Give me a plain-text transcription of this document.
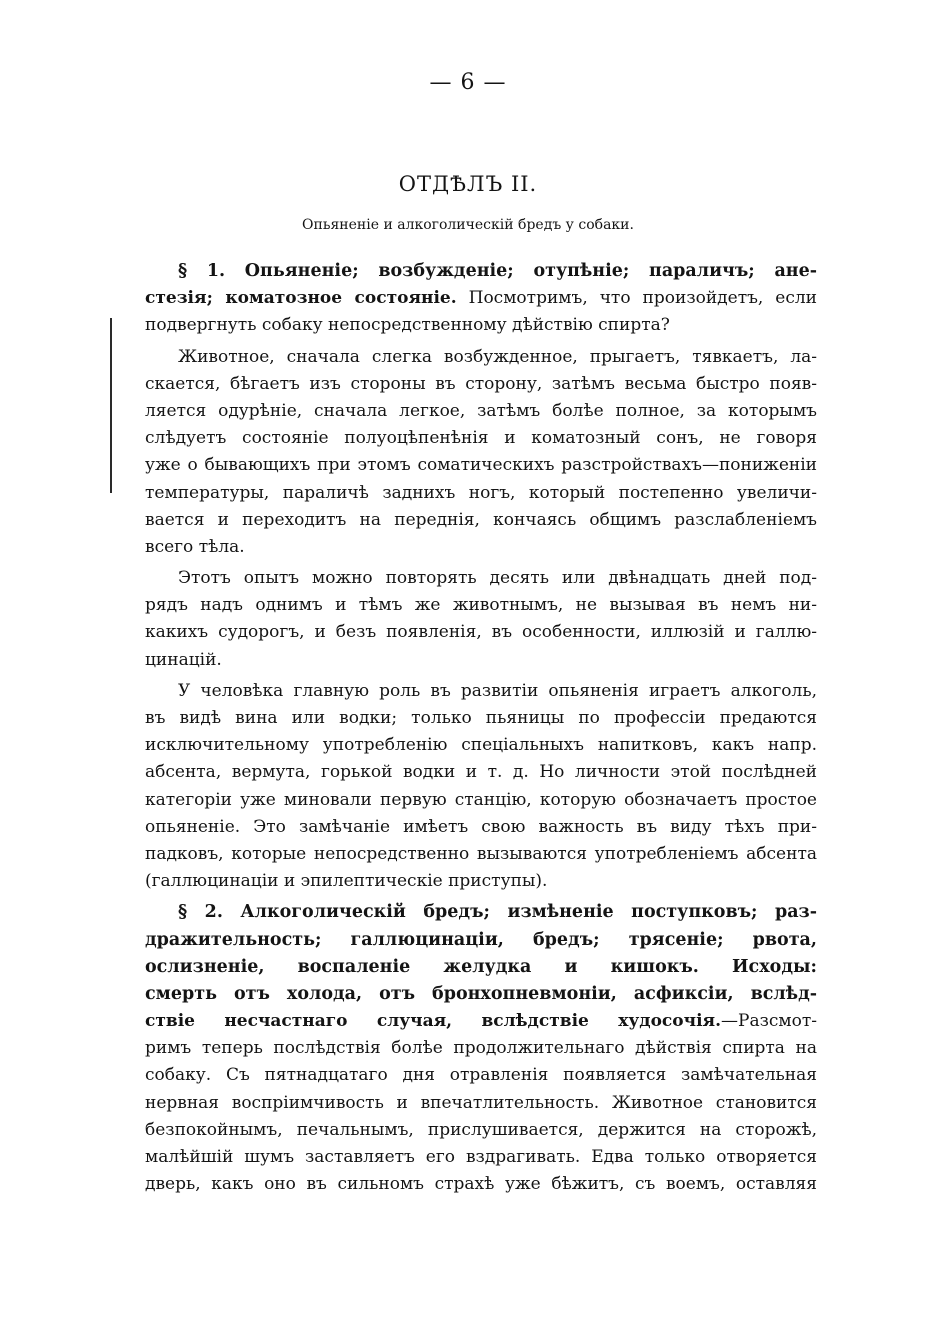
— 6 —
ОТДѢЛЪ II.
Опьяненіе и алкоголическій бредъ у собаки.
§ 1. Опьяненіе; возбужденіе; отупѣніе; параличъ; ане-
стезія; коматозное состояніе. Посмотримъ, что произойдетъ, если
подвергнуть собаку непосредственному дѣйствію спирта?
Животное, сначала слегка возбужденное, прыгаетъ, тявкаетъ, ла-
скается, бѣгаетъ изъ стороны въ сторону, затѣмъ весьма быстро появ-
ляется одурѣніе, сначала легкое, затѣмъ болѣе полное, за которымъ
слѣдуетъ состояніе полуоцѣпенѣнія и коматозный сонъ, не говоря
уже о бывающихъ при этомъ соматическихъ разстройствахъ—пониженіи
температуры, параличѣ заднихъ ногъ, который постепенно увеличи-
вается и переходитъ на переднія, кончаясь общимъ разслабленіемъ
всего тѣла.
Этотъ опытъ можно повторять десять или двѣнадцать дней под-
рядъ надъ однимъ и тѣмъ же животнымъ, не вызывая въ немъ ни-
какихъ судорогъ, и безъ появленія, въ особенности, иллюзій и галлю-
цинацій.
У человѣка главную роль въ развитіи опьяненія играетъ алкоголь,
въ видѣ вина или водки; только пьяницы по профессіи предаются
исключительному употребленію спеціальныхъ напитковъ, какъ напр.
абсента, вермута, горькой водки и т. д. Но личности этой послѣдней
категоріи уже миновали первую станцію, которую обозначаетъ простое
опьяненіе. Это замѣчаніе имѣетъ свою важность въ виду тѣхъ при-
падковъ, которые непосредственно вызываются употребленіемъ абсента
(галлюцинаціи и эпилептическіе приступы).
§ 2. Алкоголическій бредъ; измѣненіе поступковъ; раз-
дражительность; галлюцинаціи, бредъ; трясеніе; рвота,
ослизненіе, воспаленіе желудка и кишокъ. Исходы:
смерть отъ холода, отъ бронхопневмоніи, асфиксіи, вслѣд-
ствіе несчастнаго случая, вслѣдствіе худосочія.—Разсмот-
римъ теперь послѣдствія болѣе продолжительнаго дѣйствія спирта на
собаку. Съ пятнадцатаго дня отравленія появляется замѣчательная
нервная воспріимчивость и впечатлительность. Животное становится
безпокойнымъ, печальнымъ, прислушивается, держится на сторожѣ,
малѣйшій шумъ заставляетъ его вздрагивать. Едва только отворяется
дверь, какъ оно въ сильномъ страхѣ уже бѣжитъ, съ воемъ, оставляя
